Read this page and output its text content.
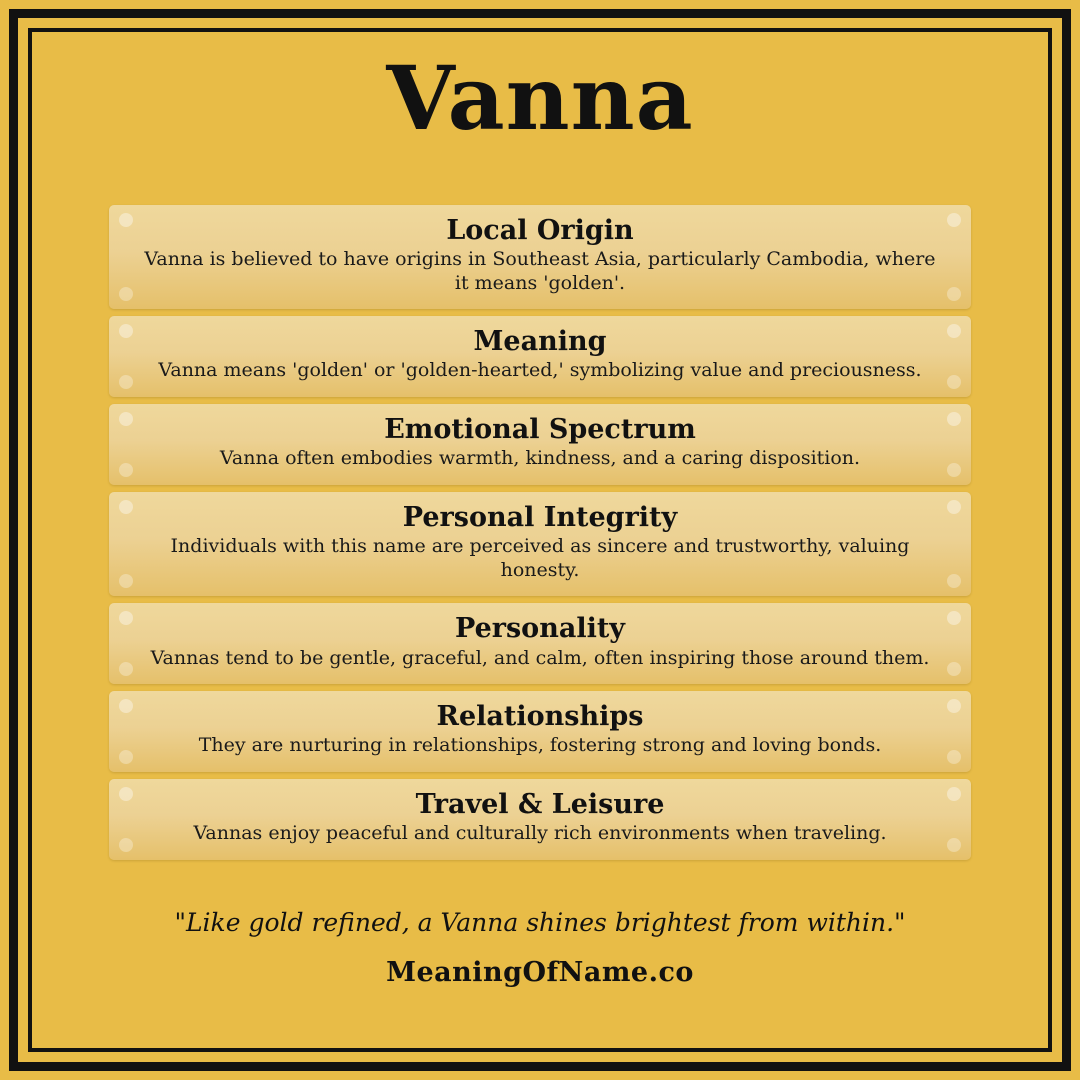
Vanna
Local Origin
Vanna is believed to have origins in Southeast Asia, particularly Cambodia, where it means 'golden'.
Meaning
Vanna means 'golden' or 'golden-hearted,' symbolizing value and preciousness.
Emotional Spectrum
Vanna often embodies warmth, kindness, and a caring disposition.
Personal Integrity
Individuals with this name are perceived as sincere and trustworthy, valuing honesty.
Personality
Vannas tend to be gentle, graceful, and calm, often inspiring those around them.
Relationships
They are nurturing in relationships, fostering strong and loving bonds.
Travel & Leisure
Vannas enjoy peaceful and culturally rich environments when traveling.
"Like gold refined, a Vanna shines brightest from within."
MeaningOfName.co
